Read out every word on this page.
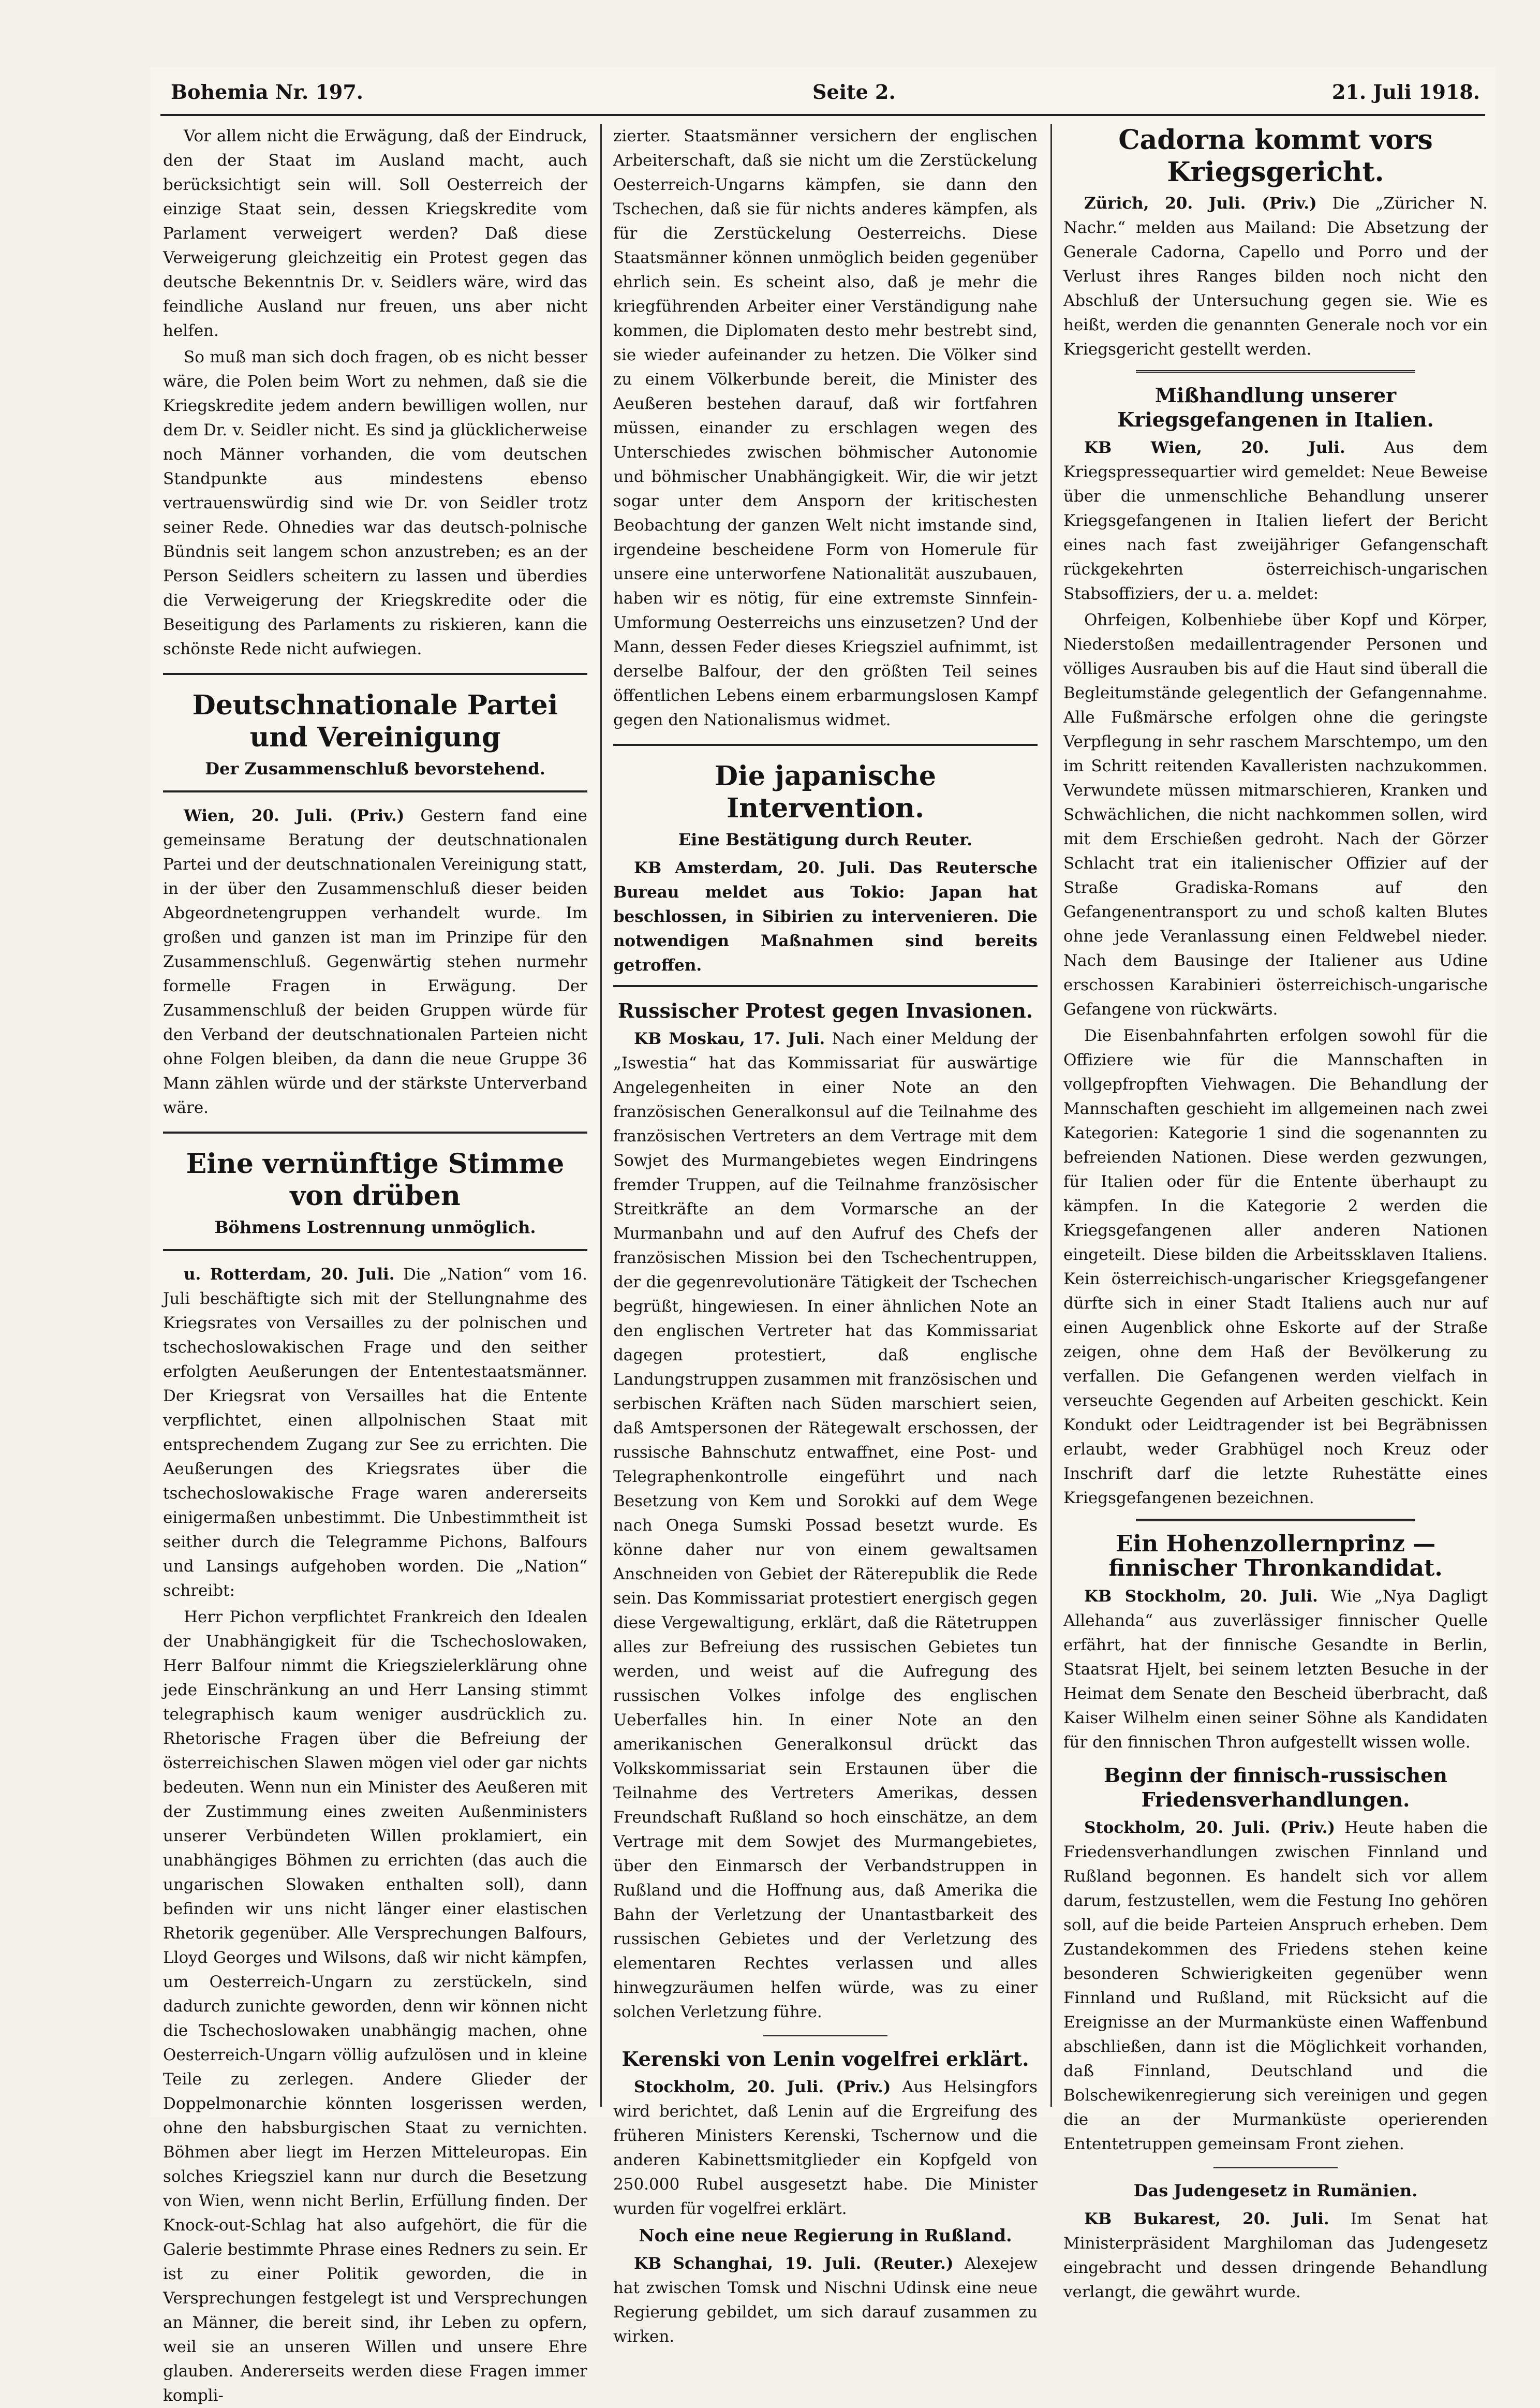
Bohemia Nr. 197.	Seite 2.	21. Juli 1918.

Vor allem nicht die Erwägung, daß der Eindruck, den der Staat im Ausland macht, auch berücksichtigt sein will. Soll Oesterreich der einzige Staat sein, dessen Kriegskredite vom Parlament verweigert werden? Daß diese Verweigerung gleichzeitig ein Protest gegen das deutsche Bekenntnis Dr. v. Seidlers wäre, wird das feindliche Ausland nur freuen, uns aber nicht helfen.

So muß man sich doch fragen, ob es nicht besser wäre, die Polen beim Wort zu nehmen, daß sie die Kriegskredite jedem andern bewilligen wollen, nur dem Dr. v. Seidler nicht. Es sind ja glücklicherweise noch Männer vorhanden, die vom deutschen Standpunkte aus mindestens ebenso vertrauenswürdig sind wie Dr. von Seidler trotz seiner Rede. Ohnedies war das deutsch-polnische Bündnis seit langem schon anzustreben; es an der Person Seidlers scheitern zu lassen und überdies die Verweigerung der Kriegskredite oder die Beseitigung des Parlaments zu riskieren, kann die schönste Rede nicht aufwiegen.

Deutschnationale Partei und Vereinigung
Der Zusammenschluß bevorstehend.

Wien, 20. Juli. (Priv.) Gestern fand eine gemeinsame Beratung der deutschnationalen Partei und der deutschnationalen Vereinigung statt, in der über den Zusammenschluß dieser beiden Abgeordnetengruppen verhandelt wurde. Im großen und ganzen ist man im Prinzipe für den Zusammenschluß. Gegenwärtig stehen nurmehr formelle Fragen in Erwägung. Der Zusammenschluß der beiden Gruppen würde für den Verband der deutschnationalen Parteien nicht ohne Folgen bleiben, da dann die neue Gruppe 36 Mann zählen würde und der stärkste Unterverband wäre.

Eine vernünftige Stimme von drüben
Böhmens Lostrennung unmöglich.

u. Rotterdam, 20. Juli. Die „Nation“ vom 16. Juli beschäftigte sich mit der Stellungnahme des Kriegsrates von Versailles zu der polnischen und tschechoslowakischen Frage und den seither erfolgten Aeußerungen der Ententestaatsmänner. Der Kriegsrat von Versailles hat die Entente verpflichtet, einen allpolnischen Staat mit entsprechendem Zugang zur See zu errichten. Die Aeußerungen des Kriegsrates über die tschechoslowakische Frage waren andererseits einigermaßen unbestimmt. Die Unbestimmtheit ist seither durch die Telegramme Pichons, Balfours und Lansings aufgehoben worden. Die „Nation“ schreibt:

Herr Pichon verpflichtet Frankreich den Idealen der Unabhängigkeit für die Tschechoslowaken, Herr Balfour nimmt die Kriegszielerklärung ohne jede Einschränkung an und Herr Lansing stimmt telegraphisch kaum weniger ausdrücklich zu. Rhetorische Fragen über die Befreiung der österreichischen Slawen mögen viel oder gar nichts bedeuten. Wenn nun ein Minister des Aeußeren mit der Zustimmung eines zweiten Außenministers unserer Verbündeten Willen proklamiert, ein unabhängiges Böhmen zu errichten (das auch die ungarischen Slowaken enthalten soll), dann befinden wir uns nicht länger einer elastischen Rhetorik gegenüber. Alle Versprechungen Balfours, Lloyd Georges und Wilsons, daß wir nicht kämpfen, um Oesterreich-Ungarn zu zerstückeln, sind dadurch zunichte geworden, denn wir können nicht die Tschechoslowaken unabhängig machen, ohne Oesterreich-Ungarn völlig aufzulösen und in kleine Teile zu zerlegen. Andere Glieder der Doppelmonarchie könnten losgerissen werden, ohne den habsburgischen Staat zu vernichten. Böhmen aber liegt im Herzen Mitteleuropas. Ein solches Kriegsziel kann nur durch die Besetzung von Wien, wenn nicht Berlin, Erfüllung finden. Der Knock-out-Schlag hat also aufgehört, die für die Galerie bestimmte Phrase eines Redners zu sein. Er ist zu einer Politik geworden, die in Versprechungen festgelegt ist und Versprechungen an Männer, die bereit sind, ihr Leben zu opfern, weil sie an unseren Willen und unsere Ehre glauben. Andererseits werden diese Fragen immer kompli-

zierter. Staatsmänner versichern der englischen Arbeiterschaft, daß sie nicht um die Zerstückelung Oesterreich-Ungarns kämpfen, sie dann den Tschechen, daß sie für nichts anderes kämpfen, als für die Zerstückelung Oesterreichs. Diese Staatsmänner können unmöglich beiden gegenüber ehrlich sein. Es scheint also, daß je mehr die kriegführenden Arbeiter einer Verständigung nahe kommen, die Diplomaten desto mehr bestrebt sind, sie wieder aufeinander zu hetzen. Die Völker sind zu einem Völkerbunde bereit, die Minister des Aeußeren bestehen darauf, daß wir fortfahren müssen, einander zu erschlagen wegen des Unterschiedes zwischen böhmischer Autonomie und böhmischer Unabhängigkeit. Wir, die wir jetzt sogar unter dem Ansporn der kritischesten Beobachtung der ganzen Welt nicht imstande sind, irgendeine bescheidene Form von Homerule für unsere eine unterworfene Nationalität auszubauen, haben wir es nötig, für eine extremste Sinnfein-Umformung Oesterreichs uns einzusetzen? Und der Mann, dessen Feder dieses Kriegsziel aufnimmt, ist derselbe Balfour, der den größten Teil seines öffentlichen Lebens einem erbarmungslosen Kampf gegen den Nationalismus widmet.

Die japanische Intervention.
Eine Bestätigung durch Reuter.

KB Amsterdam, 20. Juli. Das Reutersche Bureau meldet aus Tokio: Japan hat beschlossen, in Sibirien zu intervenieren. Die notwendigen Maßnahmen sind bereits getroffen.

Russischer Protest gegen Invasionen.

KB Moskau, 17. Juli. Nach einer Meldung der „Iswestia“ hat das Kommissariat für auswärtige Angelegenheiten in einer Note an den französischen Generalkonsul auf die Teilnahme des französischen Vertreters an dem Vertrage mit dem Sowjet des Murmangebietes wegen Eindringens fremder Truppen, auf die Teilnahme französischer Streitkräfte an dem Vormarsche an der Murmanbahn und auf den Aufruf des Chefs der französischen Mission bei den Tschechentruppen, der die gegenrevolutionäre Tätigkeit der Tschechen begrüßt, hingewiesen. In einer ähnlichen Note an den englischen Vertreter hat das Kommissariat dagegen protestiert, daß englische Landungstruppen zusammen mit französischen und serbischen Kräften nach Süden marschiert seien, daß Amtspersonen der Rätegewalt erschossen, der russische Bahnschutz entwaffnet, eine Post- und Telegraphenkontrolle eingeführt und nach Besetzung von Kem und Sorokki auf dem Wege nach Onega Sumski Possad besetzt wurde. Es könne daher nur von einem gewaltsamen Anschneiden von Gebiet der Räterepublik die Rede sein. Das Kommissariat protestiert energisch gegen diese Vergewaltigung, erklärt, daß die Rätetruppen alles zur Befreiung des russischen Gebietes tun werden, und weist auf die Aufregung des russischen Volkes infolge des englischen Ueberfalles hin. In einer Note an den amerikanischen Generalkonsul drückt das Volkskommissariat sein Erstaunen über die Teilnahme des Vertreters Amerikas, dessen Freundschaft Rußland so hoch einschätze, an dem Vertrage mit dem Sowjet des Murmangebietes, über den Einmarsch der Verbandstruppen in Rußland und die Hoffnung aus, daß Amerika die Bahn der Verletzung der Unantastbarkeit des russischen Gebietes und der Verletzung des elementaren Rechtes verlassen und alles hinwegzuräumen helfen würde, was zu einer solchen Verletzung führe.

Kerenski von Lenin vogelfrei erklärt.

Stockholm, 20. Juli. (Priv.) Aus Helsingfors wird berichtet, daß Lenin auf die Ergreifung des früheren Ministers Kerenski, Tschernow und die anderen Kabinettsmitglieder ein Kopfgeld von 250.000 Rubel ausgesetzt habe. Die Minister wurden für vogelfrei erklärt.

Noch eine neue Regierung in Rußland.

KB Schanghai, 19. Juli. (Reuter.) Alexejew hat zwischen Tomsk und Nischni Udinsk eine neue Regierung gebildet, um sich darauf zusammen zu wirken.

Cadorna kommt vors Kriegsgericht.

Zürich, 20. Juli. (Priv.) Die „Züricher N. Nachr.“ melden aus Mailand: Die Absetzung der Generale Cadorna, Capello und Porro und der Verlust ihres Ranges bilden noch nicht den Abschluß der Untersuchung gegen sie. Wie es heißt, werden die genannten Generale noch vor ein Kriegsgericht gestellt werden.

Mißhandlung unserer Kriegsgefangenen in Italien.

KB Wien, 20. Juli. Aus dem Kriegspressequartier wird gemeldet: Neue Beweise über die unmenschliche Behandlung unserer Kriegsgefangenen in Italien liefert der Bericht eines nach fast zweijähriger Gefangenschaft rückgekehrten österreichisch-ungarischen Stabsoffiziers, der u. a. meldet:

Ohrfeigen, Kolbenhiebe über Kopf und Körper, Niederstoßen medaillentragender Personen und völliges Ausrauben bis auf die Haut sind überall die Begleitumstände gelegentlich der Gefangennahme. Alle Fußmärsche erfolgen ohne die geringste Verpflegung in sehr raschem Marschtempo, um den im Schritt reitenden Kavalleristen nachzukommen. Verwundete müssen mitmarschieren, Kranken und Schwächlichen, die nicht nachkommen sollen, wird mit dem Erschießen gedroht. Nach der Görzer Schlacht trat ein italienischer Offizier auf der Straße Gradiska-Romans auf den Gefangenentransport zu und schoß kalten Blutes ohne jede Veranlassung einen Feldwebel nieder. Nach dem Bausinge der Italiener aus Udine erschossen Karabinieri österreichisch-ungarische Gefangene von rückwärts.

Die Eisenbahnfahrten erfolgen sowohl für die Offiziere wie für die Mannschaften in vollgepfropften Viehwagen. Die Behandlung der Mannschaften geschieht im allgemeinen nach zwei Kategorien: Kategorie 1 sind die sogenannten zu befreienden Nationen. Diese werden gezwungen, für Italien oder für die Entente überhaupt zu kämpfen. In die Kategorie 2 werden die Kriegsgefangenen aller anderen Nationen eingeteilt. Diese bilden die Arbeitssklaven Italiens. Kein österreichisch-ungarischer Kriegsgefangener dürfte sich in einer Stadt Italiens auch nur auf einen Augenblick ohne Eskorte auf der Straße zeigen, ohne dem Haß der Bevölkerung zu verfallen. Die Gefangenen werden vielfach in verseuchte Gegenden auf Arbeiten geschickt. Kein Kondukt oder Leidtragender ist bei Begräbnissen erlaubt, weder Grabhügel noch Kreuz oder Inschrift darf die letzte Ruhestätte eines Kriegsgefangenen bezeichnen.

Ein Hohenzollernprinz —
finnischer Thronkandidat.

KB Stockholm, 20. Juli. Wie „Nya Dagligt Allehanda“ aus zuverlässiger finnischer Quelle erfährt, hat der finnische Gesandte in Berlin, Staatsrat Hjelt, bei seinem letzten Besuche in der Heimat dem Senate den Bescheid überbracht, daß Kaiser Wilhelm einen seiner Söhne als Kandidaten für den finnischen Thron aufgestellt wissen wolle.

Beginn der finnisch-russischen Friedensverhandlungen.

Stockholm, 20. Juli. (Priv.) Heute haben die Friedensverhandlungen zwischen Finnland und Rußland begonnen. Es handelt sich vor allem darum, festzustellen, wem die Festung Ino gehören soll, auf die beide Parteien Anspruch erheben. Dem Zustandekommen des Friedens stehen keine besonderen Schwierigkeiten gegenüber wenn Finnland und Rußland, mit Rücksicht auf die Ereignisse an der Murmanküste einen Waffenbund abschließen, dann ist die Möglichkeit vorhanden, daß Finnland, Deutschland und die Bolschewikenregierung sich vereinigen und gegen die an der Murmanküste operierenden Ententetruppen gemeinsam Front ziehen.

Das Judengesetz in Rumänien.

KB Bukarest, 20. Juli. Im Senat hat Ministerpräsident Marghiloman das Judengesetz eingebracht und dessen dringende Behandlung verlangt, die gewährt wurde.
